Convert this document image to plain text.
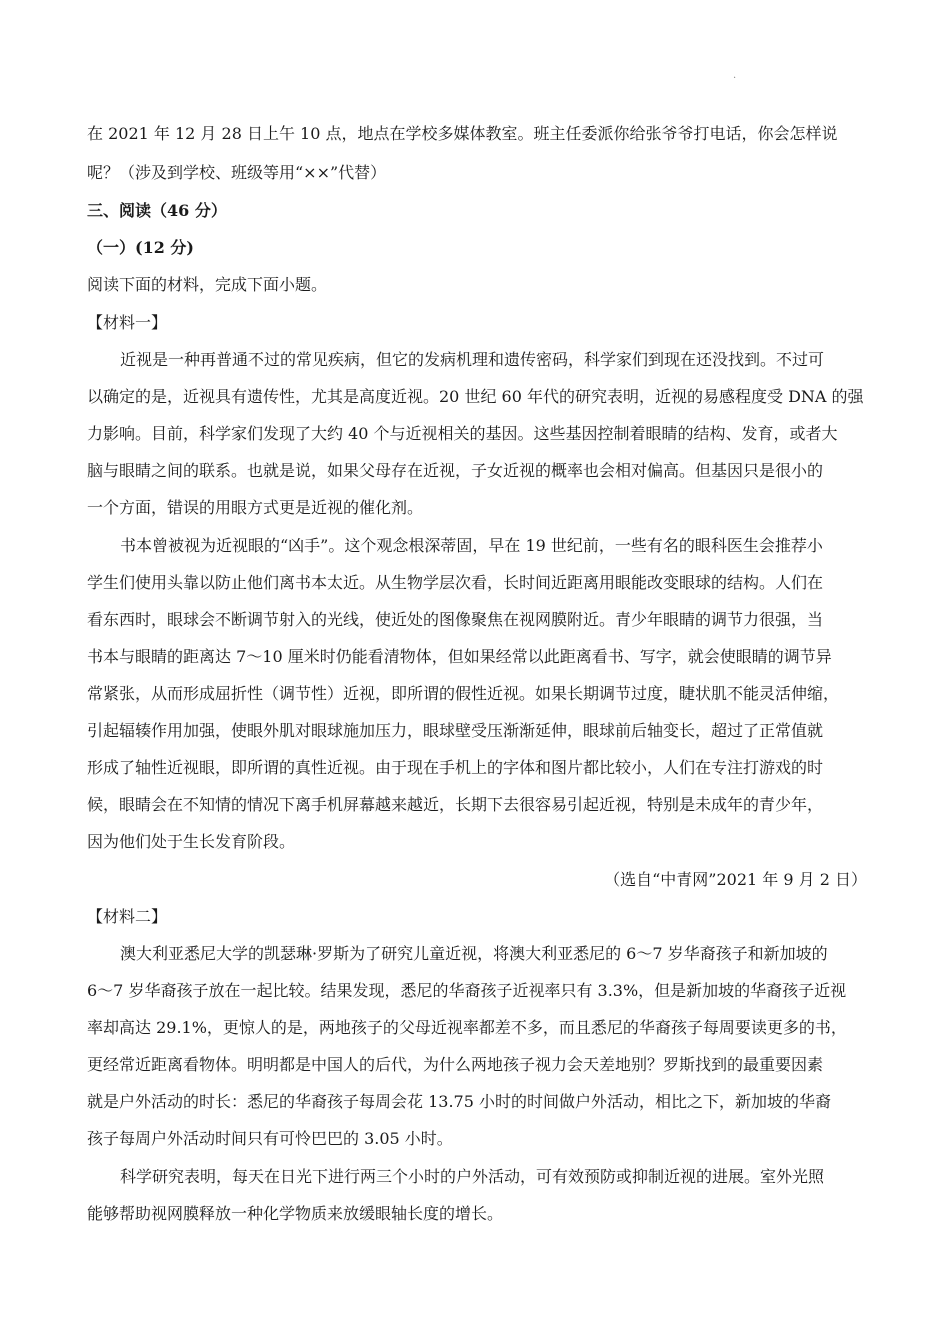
.
在 2021 年 12 月 28 日上午 10 点，地点在学校多媒体教室。班主任委派你给张爷爷打电话，你会怎样说
呢？（涉及到学校、班级等用“××”代替）
三、阅读（46 分）
（一）(12 分)
阅读下面的材料，完成下面小题。
【材料一】
近视是一种再普通不过的常见疾病，但它的发病机理和遗传密码，科学家们到现在还没找到。不过可
以确定的是，近视具有遗传性，尤其是高度近视。20 世纪 60 年代的研究表明，近视的易感程度受 DNA 的强
力影响。目前，科学家们发现了大约 40 个与近视相关的基因。这些基因控制着眼睛的结构、发育，或者大
脑与眼睛之间的联系。也就是说，如果父母存在近视，子女近视的概率也会相对偏高。但基因只是很小的
一个方面，错误的用眼方式更是近视的催化剂。
书本曾被视为近视眼的“凶手”。这个观念根深蒂固，早在 19 世纪前，一些有名的眼科医生会推荐小
学生们使用头靠以防止他们离书本太近。从生物学层次看，长时间近距离用眼能改变眼球的结构。人们在
看东西时，眼球会不断调节射入的光线，使近处的图像聚焦在视网膜附近。青少年眼睛的调节力很强，当
书本与眼睛的距离达 7～10 厘米时仍能看清物体，但如果经常以此距离看书、写字，就会使眼睛的调节异
常紧张，从而形成屈折性（调节性）近视，即所谓的假性近视。如果长期调节过度，睫状肌不能灵活伸缩，
引起辐辏作用加强，使眼外肌对眼球施加压力，眼球壁受压渐渐延伸，眼球前后轴变长，超过了正常值就
形成了轴性近视眼，即所谓的真性近视。由于现在手机上的字体和图片都比较小，人们在专注打游戏的时
候，眼睛会在不知情的情况下离手机屏幕越来越近，长期下去很容易引起近视，特别是未成年的青少年，
因为他们处于生长发育阶段。
（选自“中青网”2021 年 9 月 2 日）
【材料二】
澳大利亚悉尼大学的凯瑟琳·罗斯为了研究儿童近视，将澳大利亚悉尼的 6～7 岁华裔孩子和新加坡的
6～7 岁华裔孩子放在一起比较。结果发现，悉尼的华裔孩子近视率只有 3.3%，但是新加坡的华裔孩子近视
率却高达 29.1%，更惊人的是，两地孩子的父母近视率都差不多，而且悉尼的华裔孩子每周要读更多的书，
更经常近距离看物体。明明都是中国人的后代，为什么两地孩子视力会天差地别？罗斯找到的最重要因素
就是户外活动的时长：悉尼的华裔孩子每周会花 13.75 小时的时间做户外活动，相比之下，新加坡的华裔
孩子每周户外活动时间只有可怜巴巴的 3.05 小时。
科学研究表明，每天在日光下进行两三个小时的户外活动，可有效预防或抑制近视的进展。室外光照
能够帮助视网膜释放一种化学物质来放缓眼轴长度的增长。
